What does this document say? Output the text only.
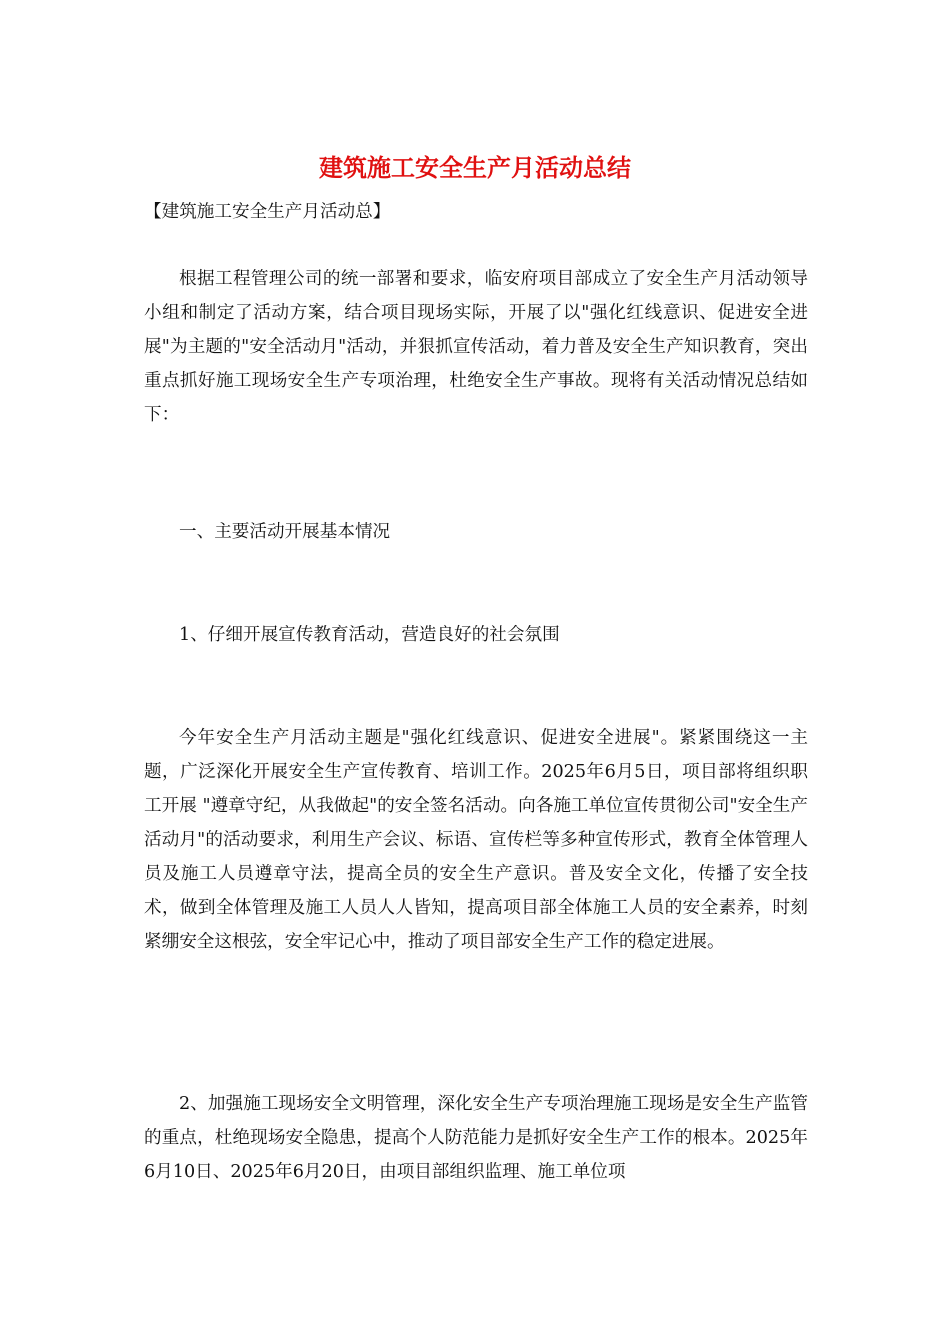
建筑施工安全生产月活动总结

【建筑施工安全生产月活动总】

根据工程管理公司的统一部署和要求，临安府项目部成立了安全生产月活动领导小组和制定了活动方案，结合项目现场实际，开展了以"强化红线意识、促进安全进展"为主题的"安全活动月"活动，并狠抓宣传活动，着力普及安全生产知识教育，突出重点抓好施工现场安全生产专项治理，杜绝安全生产事故。现将有关活动情况总结如下：

一、主要活动开展基本情况

1、仔细开展宣传教育活动，营造良好的社会氛围

今年安全生产月活动主题是"强化红线意识、促进安全进展"。紧紧围绕这一主题，广泛深化开展安全生产宣传教育、培训工作。2025年6月5日，项目部将组织职工开展 "遵章守纪，从我做起"的安全签名活动。向各施工单位宣传贯彻公司"安全生产活动月"的活动要求，利用生产会议、标语、宣传栏等多种宣传形式，教育全体管理人员及施工人员遵章守法，提高全员的安全生产意识。普及安全文化，传播了安全技术，做到全体管理及施工人员人人皆知，提高项目部全体施工人员的安全素养，时刻紧绷安全这根弦，安全牢记心中，推动了项目部安全生产工作的稳定进展。

2、加强施工现场安全文明管理，深化安全生产专项治理施工现场是安全生产监管的重点，杜绝现场安全隐患，提高个人防范能力是抓好安全生产工作的根本。2025年6月10日、2025年6月20日，由项目部组织监理、施工单位项
